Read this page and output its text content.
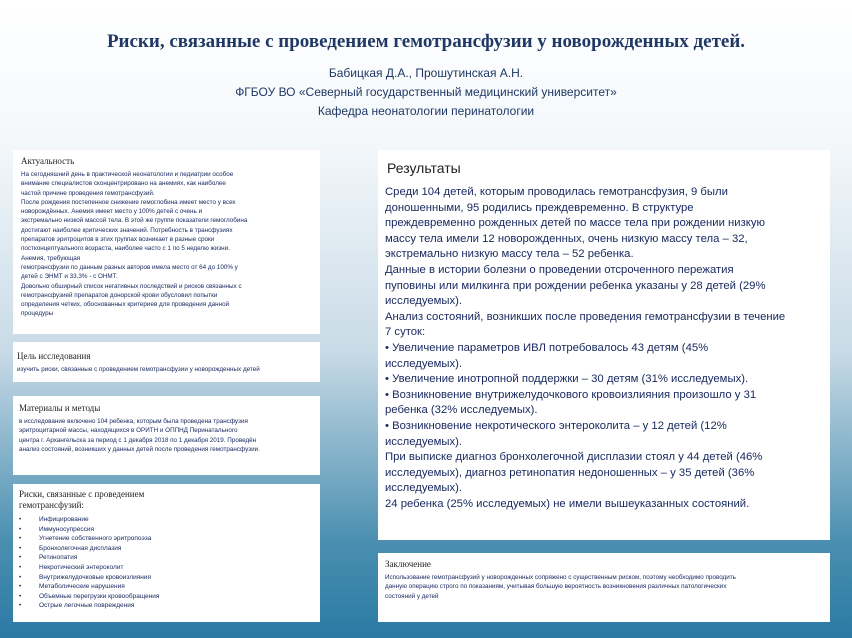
Риски, связанные с проведением гемотрансфузии у новорожденных детей.
Бабицкая Д.А., Прошутинская А.Н.
ФГБОУ ВО «Северный государственный медицинский университет»
Кафедра неонатологии перинатологии

Актуальность

На сегодняшний день в практической неонатологии и педиатрии особое

внимание специалистов сконцентрировано на анемиях, как наиболее

частой причине проведения гемотрансфузий.

После рождения постепенное снижение гемоглобина имеет место у всех

новорождённых. Анемия имеет место у 100% детей с очень и

экстремально низкой массой тела. В этой же группе показатели гемоглобина

достигают наиболее критических значений. Потребность в трансфузиях

препаратов эритроцитов в этих группах возникает в разные сроки

постконцептуального возраста, наиболее часто с 1 по 5 неделю жизни.

Анемия, требующая

гемотрансфузии по данным разных авторов имела место от 64 до 100% у

детей с ЭНМТ и 33,3% - с ОНМТ.

Довольно обширный список негативных последствий и рисков связанных с

гемотрансфузией препаратов донорской крови обусловил попытки

определения четких, обоснованных критериев для проведения данной

процедуры

Цель исследования

изучить риски, связанные с проведением гемотрансфузии у новорожденных детей

Материалы и методы

в исследование включено 104 ребенка, которым была проведена трансфузия

эритроцитарной массы, находящихся в ОРИТН и ОППНД Перинатального

центра г. Архангельска за период с 1 декабря 2018 по 1 декабря 2019. Проведён

анализ состояний, возникших у данных детей после проведения гемотрансфузии.

Риски, связанные с проведением
гемотрансфузий:

•	Инфицирование
•	Иммуносупрессия
•	Угнетение собственного эритропоэза
•	Бронхолегочная дисплазия
•	Ретинопатия
•	Некротический энтероколит
•	Внутрижелудочковые кровоизлияния
•	Метаболические нарушения
•	Объемные перегрузки кровообращения
•	Острые легочные повреждения

Результаты

Среди 104 детей, которым проводилась гемотрансфузия, 9 были

доношенными, 95 родились преждевременно. В структуре

преждевременно рожденных детей по массе тела при рождении низкую

массу тела имели 12 новорожденных, очень низкую массу тела – 32,

экстремально низкую массу тела – 52 ребенка.

Данные в истории болезни о проведении отсроченного пережатия

пуповины или милкинга при рождении ребенка указаны у 28 детей (29%

исследуемых).

Анализ состояний, возникших после проведения гемотрансфузии в течение

7 суток:

• Увеличение параметров ИВЛ потребовалось 43 детям (45%

исследуемых).

• Увеличение инотропной поддержки – 30 детям (31% исследуемых).

• Возникновение внутрижелудочкового кровоизлияния произошло у 31

ребенка (32% исследуемых).

• Возникновение некротического энтероколита – у 12 детей (12%

исследуемых).

При выписке диагноз бронхолегочной дисплазии стоял у 44 детей (46%

исследуемых), диагноз ретинопатия недоношенных – у 35 детей (36%

исследуемых).

24 ребенка (25% исследуемых) не имели вышеуказанных состояний.

Заключение

Использование гемотрансфузий у новорожденных сопряжено с существенным риском, поэтому необходимо проводить

данную операцию строго по показаниям, учитывая большую вероятность возникновения различных патологических

состояний у детей
